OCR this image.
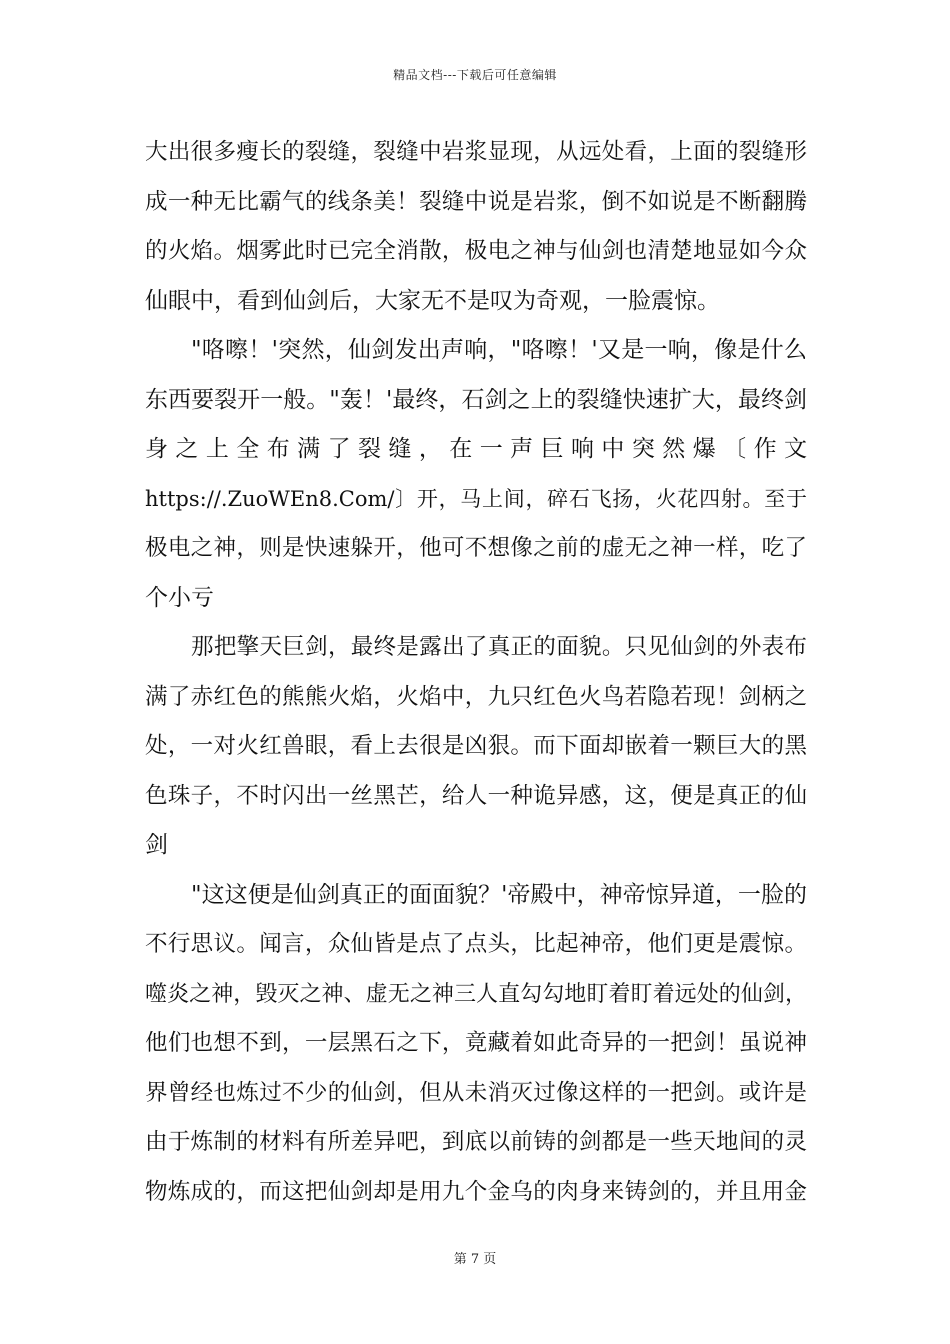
精品文档---下载后可任意编辑
大出很多瘦长的裂缝，裂缝中岩浆显现，从远处看，上面的裂缝形
成一种无比霸气的线条美！裂缝中说是岩浆，倒不如说是不断翻腾
的火焰。烟雾此时已完全消散，极电之神与仙剑也清楚地显如今众
仙眼中，看到仙剑后，大家无不是叹为奇观，一脸震惊。
"咯嚓！'突然，仙剑发出声响，"咯嚓！'又是一响，像是什么
东西要裂开一般。"轰！'最终，石剑之上的裂缝快速扩大，最终剑
身之上全布满了裂缝，在一声巨响中突然爆〔作文
https://.ZuoWEn8.Com/〕开，马上间，碎石飞扬，火花四射。至于
极电之神，则是快速躲开，他可不想像之前的虚无之神一样，吃了
个小亏
那把擎天巨剑，最终是露出了真正的面貌。只见仙剑的外表布
满了赤红色的熊熊火焰，火焰中，九只红色火鸟若隐若现！剑柄之
处，一对火红兽眼，看上去很是凶狠。而下面却嵌着一颗巨大的黑
色珠子，不时闪出一丝黑芒，给人一种诡异感，这，便是真正的仙
剑
"这这便是仙剑真正的面面貌？'帝殿中，神帝惊异道，一脸的
不行思议。闻言，众仙皆是点了点头，比起神帝，他们更是震惊。
噬炎之神，毁灭之神、虚无之神三人直勾勾地盯着盯着远处的仙剑，
他们也想不到，一层黑石之下，竟藏着如此奇异的一把剑！虽说神
界曾经也炼过不少的仙剑，但从未消灭过像这样的一把剑。或许是
由于炼制的材料有所差异吧，到底以前铸的剑都是一些天地间的灵
物炼成的，而这把仙剑却是用九个金乌的肉身来铸剑的，并且用金
第 7 页
